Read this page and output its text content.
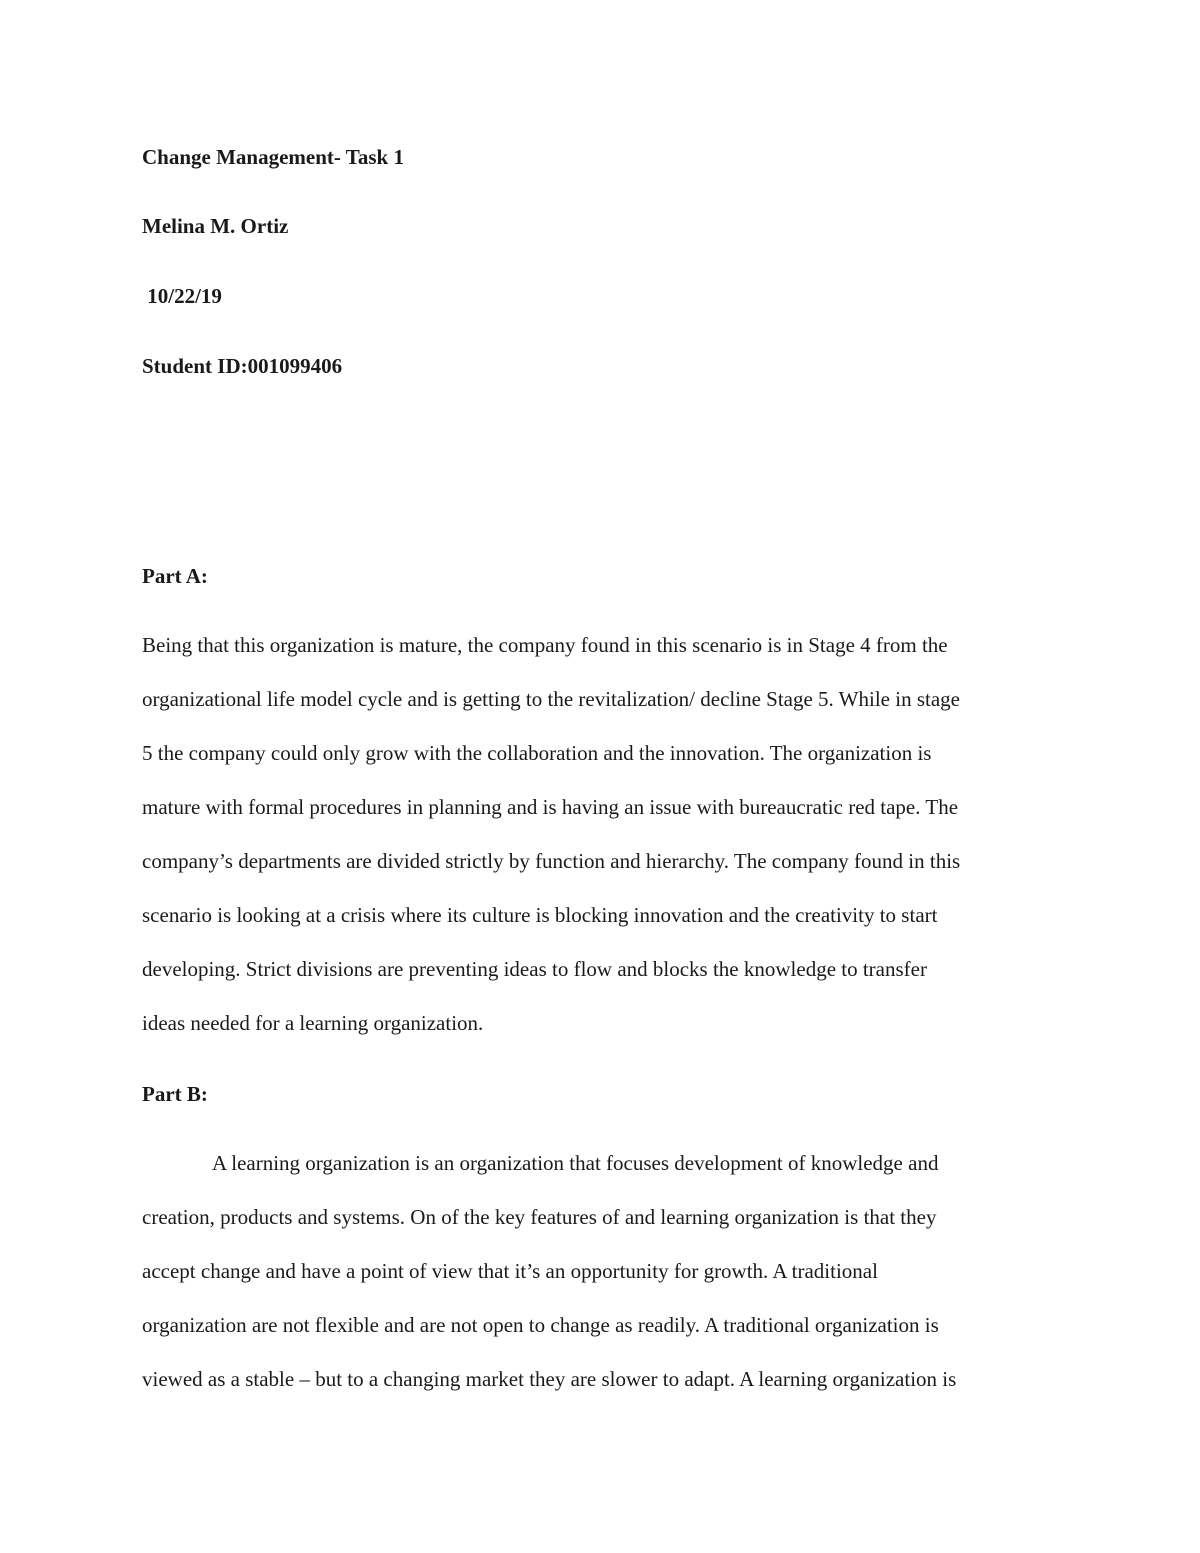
Change Management- Task 1
Melina M. Ortiz
10/22/19
Student ID:001099406
Part A:
Being that this organization is mature, the company found in this scenario is in Stage 4 from the
organizational life model cycle and is getting to the revitalization/ decline Stage 5. While in stage
5 the company could only grow with the collaboration and the innovation. The organization is
mature with formal procedures in planning and is having an issue with bureaucratic red tape. The
company’s departments are divided strictly by function and hierarchy. The company found in this
scenario is looking at a crisis where its culture is blocking innovation and the creativity to start
developing. Strict divisions are preventing ideas to flow and blocks the knowledge to transfer
ideas needed for a learning organization.
Part B:
A learning organization is an organization that focuses development of knowledge and
creation, products and systems. On of the key features of and learning organization is that they
accept change and have a point of view that it’s an opportunity for growth. A traditional
organization are not flexible and are not open to change as readily. A traditional organization is
viewed as a stable – but to a changing market they are slower to adapt. A learning organization is
